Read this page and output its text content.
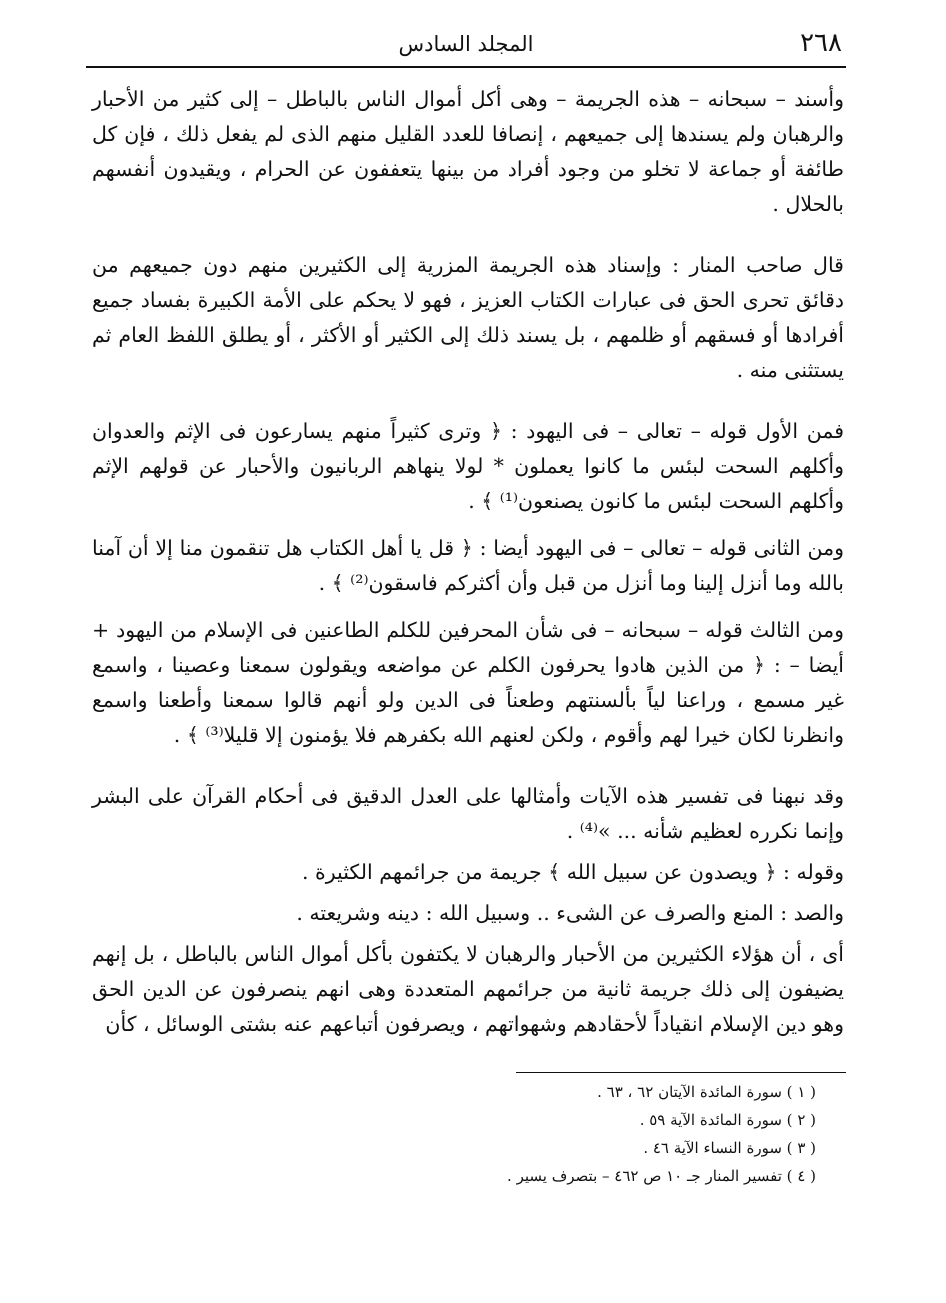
٢٦٨
المجلد السادس

وأسند – سبحانه – هذه الجريمة – وهى أكل أموال الناس بالباطل – إلى كثير من الأحبار والرهبان ولم يسندها إلى جميعهم ، إنصافا للعدد القليل منهم الذى لم يفعل ذلك ، فإن كل طائفة أو جماعة لا تخلو من وجود أفراد من بينها يتعففون عن الحرام ، ويقيدون أنفسهم بالحلال .

قال صاحب المنار : وإسناد هذه الجريمة المزرية إلى الكثيرين منهم دون جميعهم من دقائق تحرى الحق فى عبارات الكتاب العزيز ، فهو لا يحكم على الأمة الكبيرة بفساد جميع أفرادها أو فسقهم أو ظلمهم ، بل يسند ذلك إلى الكثير أو الأكثر ، أو يطلق اللفظ العام ثم يستثنى منه .

فمن الأول قوله – تعالى – فى اليهود : ﴿ وترى كثيراً منهم يسارعون فى الإثم والعدوان وأكلهم السحت لبئس ما كانوا يعملون * لولا ينهاهم الربانيون والأحبار عن قولهم الإثم وأكلهم السحت لبئس ما كانون يصنعون⁽¹⁾ ﴾ .

ومن الثانى قوله – تعالى – فى اليهود أيضا : ﴿ قل يا أهل الكتاب هل تنقمون منا إلا أن آمنا بالله وما أنزل إلينا وما أنزل من قبل وأن أكثركم فاسقون⁽²⁾ ﴾ .

ومن الثالث قوله – سبحانه – فى شأن المحرفين للكلم الطاعنين فى الإسلام من اليهود + أيضا – : ﴿ من الذين هادوا يحرفون الكلم عن مواضعه ويقولون سمعنا وعصينا ، واسمع غير مسمع ، وراعنا لياً بألسنتهم وطعناً فى الدين ولو أنهم قالوا سمعنا وأطعنا واسمع وانظرنا لكان خيرا لهم وأقوم ، ولكن لعنهم الله بكفرهم فلا يؤمنون إلا قليلا⁽³⁾ ﴾ .

وقد نبهنا فى تفسير هذه الآيات وأمثالها على العدل الدقيق فى أحكام القرآن على البشر وإنما نكرره لعظيم شأنه ... »⁽⁴⁾ .

وقوله : ﴿ ويصدون عن سبيل الله ﴾ جريمة من جرائمهم الكثيرة .

والصد : المنع والصرف عن الشىء .. وسبيل الله : دينه وشريعته .

أى ، أن هؤلاء الكثيرين من الأحبار والرهبان لا يكتفون بأكل أموال الناس بالباطل ، بل إنهم يضيفون إلى ذلك جريمة ثانية من جرائمهم المتعددة وهى انهم ينصرفون عن الدين الحق وهو دين الإسلام انقياداً لأحقادهم وشهواتهم ، ويصرفون أتباعهم عنه بشتى الوسائل ، كأن

( ١ ) سورة المائدة الآيتان ٦٢ ، ٦٣ .

( ٢ ) سورة المائدة الآية ٥٩ .

( ٣ ) سورة النساء الآية ٤٦ .

( ٤ ) تفسير المنار جـ ١٠ ص ٤٦٢ – بتصرف يسير .
